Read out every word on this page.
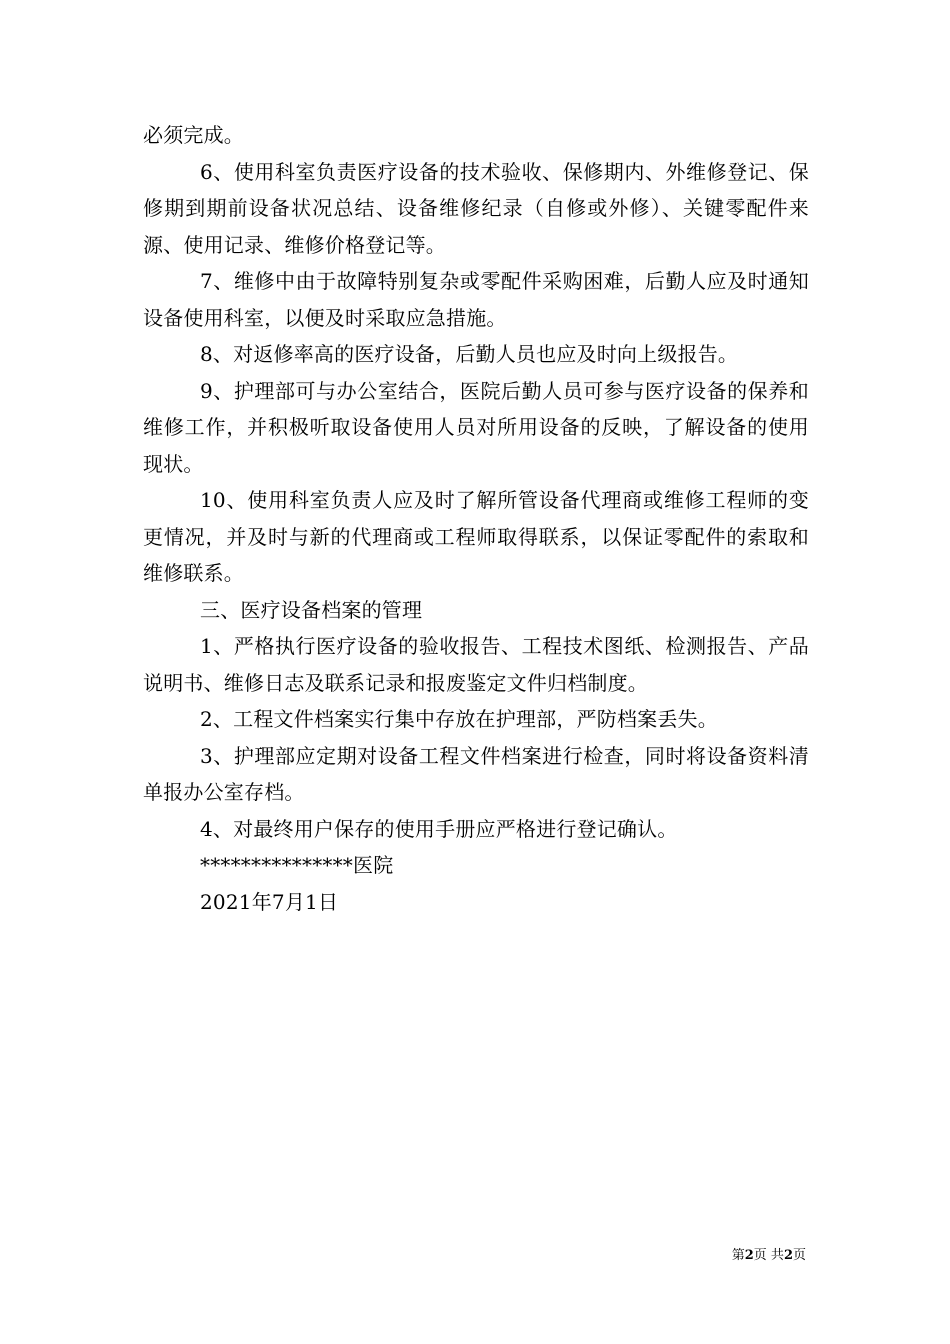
必须完成。

6、使用科室负责医疗设备的技术验收、保修期内、外维修登记、保修期到期前设备状况总结、设备维修纪录（自修或外修）、关键零配件来源、使用记录、维修价格登记等。

7、维修中由于故障特别复杂或零配件采购困难，后勤人应及时通知设备使用科室，以便及时采取应急措施。

8、对返修率高的医疗设备，后勤人员也应及时向上级报告。

9、护理部可与办公室结合，医院后勤人员可参与医疗设备的保养和维修工作，并积极听取设备使用人员对所用设备的反映，了解设备的使用现状。

10、使用科室负责人应及时了解所管设备代理商或维修工程师的变更情况，并及时与新的代理商或工程师取得联系，以保证零配件的索取和维修联系。

三、医疗设备档案的管理

1、严格执行医疗设备的验收报告、工程技术图纸、检测报告、产品说明书、维修日志及联系记录和报废鉴定文件归档制度。

2、工程文件档案实行集中存放在护理部，严防档案丢失。

3、护理部应定期对设备工程文件档案进行检查，同时将设备资料清单报办公室存档。

4、对最终用户保存的使用手册应严格进行登记确认。

***************医院

2021年7月1日

第2页 共2页
